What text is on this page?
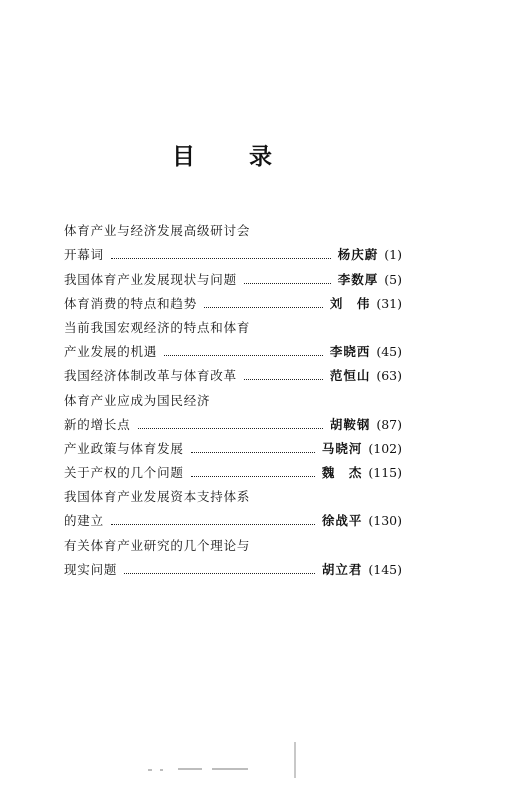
目 录
体育产业与经济发展高级研讨会
开幕词	杨庆蔚 (1)
我国体育产业发展现状与问题	李数厚 (5)
体育消费的特点和趋势	刘　伟 (31)
当前我国宏观经济的特点和体育
产业发展的机遇	李晓西 (45)
我国经济体制改革与体育改革	范恒山 (63)
体育产业应成为国民经济
新的增长点	胡鞍钢 (87)
产业政策与体育发展	马晓河 (102)
关于产权的几个问题	魏　杰 (115)
我国体育产业发展资本支持体系
的建立	徐战平 (130)
有关体育产业研究的几个理论与
现实问题	胡立君 (145)
